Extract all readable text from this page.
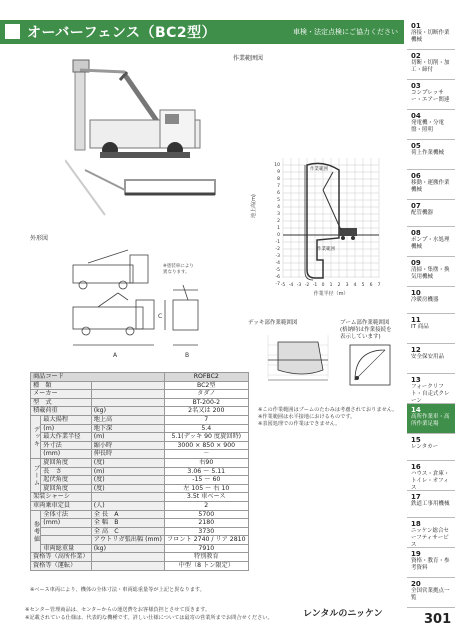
オーバーフェンス（BC2型）	車検・法定点検にご協力ください
作業範囲図
作業範囲
作業範囲
10
9
8
7
6
5
4
3
2
1
0
-1
-2
-3
-4
-5
-6
-7 -5 -4 -3 -2 -1 0 1 2 3 4 5 6 7
地上高(m)
作業半径（m）
外形図
A	B
C
※塗装車により
異なります。
デッキ部作業範囲図	ブーム部作業範囲図
(格納時は作業接続を
表示しています)
※この作業範囲はブームのたわみは考慮されておりません。
※作業範囲は水平接地におけるものです。
※表図処理での作業はできません。
商品コード			ROFBC2
種　類			BC2型
メーカー			タダノ
型　式			BT-200-2
積載荷重		(kg)	2名又は 200
デッキ	最大揚程	地上高	7
	(m)	地下深	5.4
	最大作業半径	(m)	5.1(デッキ 90 度旋回時)
	外寸法	縮小時	3000 × 850 × 900
	(mm)	伸長時	－
ブーム	旋回角度	(度)	右90
	長　さ	(m)	3.06 ～ 5.11
	起伏角度	(度)	-15 ～ 60
	旋回角度	(度)	左 105 ～ 右 10
架装シャーシ			3.5t 車ベース
車両乗車定員		(人)	2
参考値	全体寸法	全 長　A	5700
	(mm)	全 幅　B	2180
		全 高　C	3730
		アウトリガ張出幅 (mm)	フロント 2740 / リア 2810
	車両総重量	(kg)	7910
資格等（高所作業）			特別教育
資格等（運転）			中型（8 トン限定）
※ベース車両により、機体の全体寸法・車両総重量等が上記と異なります。
01
溶接・切断作業機械
02
切断・切削・加工・締付
03
コンプレッサー・エアー関連
04
発電機・分電盤・照明
05
荷上作業機械
06
移動・運搬作業機械
07
配管機器
08
ポンプ・水処理機械
09
清掃・集塵・換気用機械
10
冷暖房機器
11
IT 商品
12
安全保安用品
13
フォークリフト・自走式クレーン
14
高所作業車・高所作業足場
15
レンタカー
16
ハウス・倉庫・トイレ・オフィス
17
鉄道工事用機械
18
ニッケン総合セーフティサービス
19
資格・教育・参考資料
20
全国営業拠点一覧
※センター管理商品は、センターからの運送費をお客様負担とさせて頂きます。
※記載されている仕様は、代表的な機種です。詳しい仕様については最寄の営業所までお問合せください。	レンタルのニッケン	301
